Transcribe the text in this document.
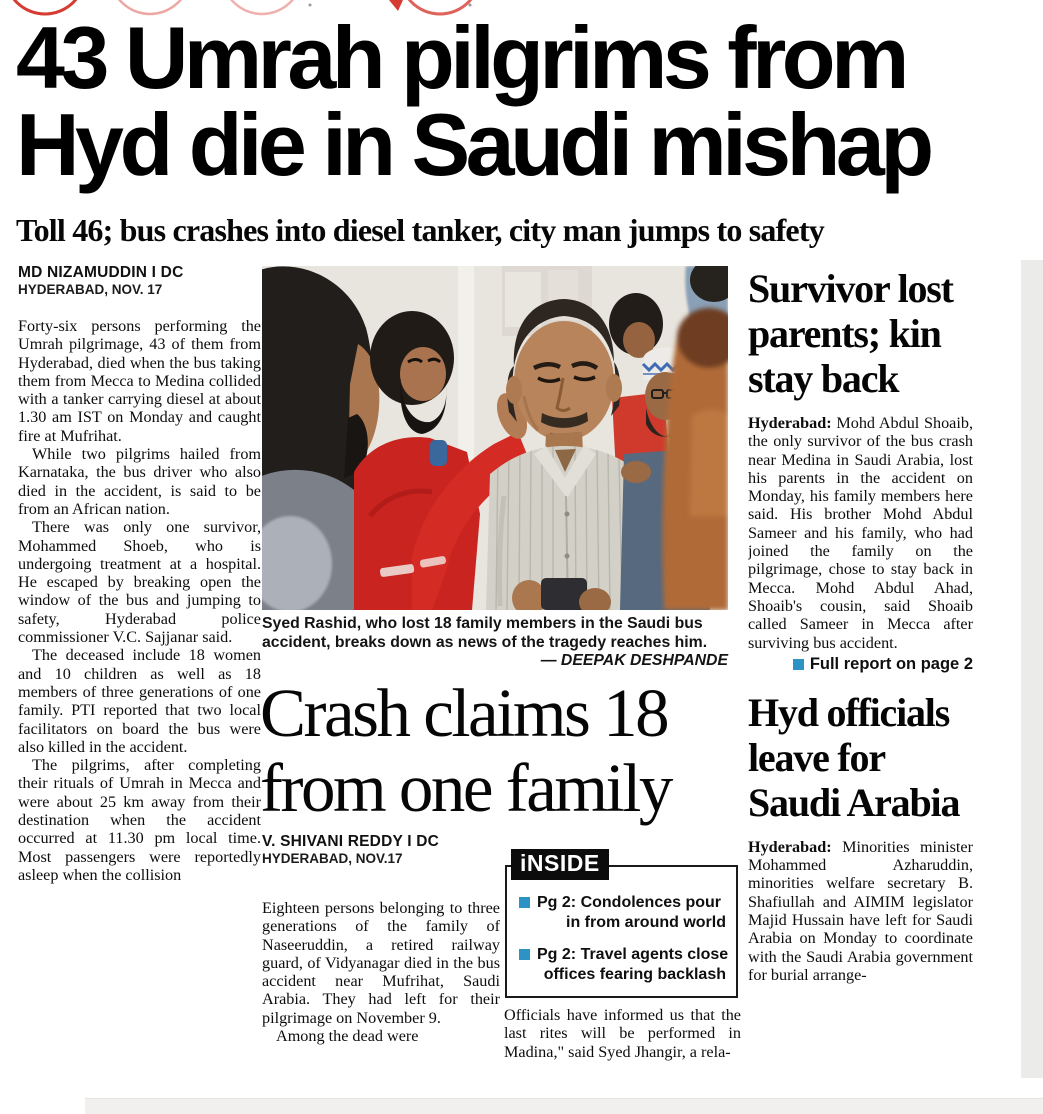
43 Umrah pilgrims from
Hyd die in Saudi mishap
Toll 46; bus crashes into diesel tanker, city man jumps to safety
MD NIZAMUDDIN I DC
HYDERABAD, NOV. 17

Forty-six persons performing the Umrah pilgrimage, 43 of them from Hyderabad, died when the bus taking them from Mecca to Medina collided with a tanker carrying diesel at about 1.30 am IST on Monday and caught fire at Mufrihat.

While two pilgrims hailed from Karnataka, the bus driver who also died in the accident, is said to be from an African nation.

There was only one survivor, Mohammed Shoeb, who is undergoing treatment at a hospital. He escaped by breaking open the window of the bus and jumping to safety, Hyderabad police commissioner V.C. Sajjanar said.

The deceased include 18 women and 10 children as well as 18 members of three generations of one family. PTI reported that two local facilitators on board the bus were also killed in the accident.

The pilgrims, after completing their rituals of Umrah in Mecca and were about 25 km away from their destination when the accident occurred at 11.30 pm local time. Most passengers were reportedly asleep when the collision

Syed Rashid, who lost 18 family members in the Saudi bus accident, breaks down as news of the tragedy reaches him.
— DEEPAK DESHPANDE
Crash claims 18
from one family
V. SHIVANI REDDY I DC
HYDERABAD, NOV.17

Eighteen persons belonging to three generations of the family of Naseeruddin, a retired railway guard, of Vidyanagar died in the bus accident near Mufrihat, Saudi Arabia. They had left for their pilgrimage on November 9.

Among the dead were

iNSIDE
Pg 2: Condolences pour
in from around world
Pg 2: Travel agents close
offices fearing backlash

Officials have informed us that the last rites will be performed in Madina," said Syed Jhangir, a rela-

Survivor lost
parents; kin
stay back

Hyderabad: Mohd Abdul Shoaib, the only survivor of the bus crash near Medina in Saudi Arabia, lost his parents in the accident on Monday, his family members here said. His brother Mohd Abdul Sameer and his family, who had joined the family on the pilgrimage, chose to stay back in Mecca. Mohd Abdul Ahad, Shoaib's cousin, said Shoaib called Sameer in Mecca after surviving bus accident.

Full report on page 2
Hyd officials
leave for
Saudi Arabia

Hyderabad: Minorities minister Mohammed Azharuddin, minorities welfare secretary B. Shafiullah and AIMIM legislator Majid Hussain have left for Saudi Arabia on Monday to coordinate with the Saudi Arabia government for burial arrange-
